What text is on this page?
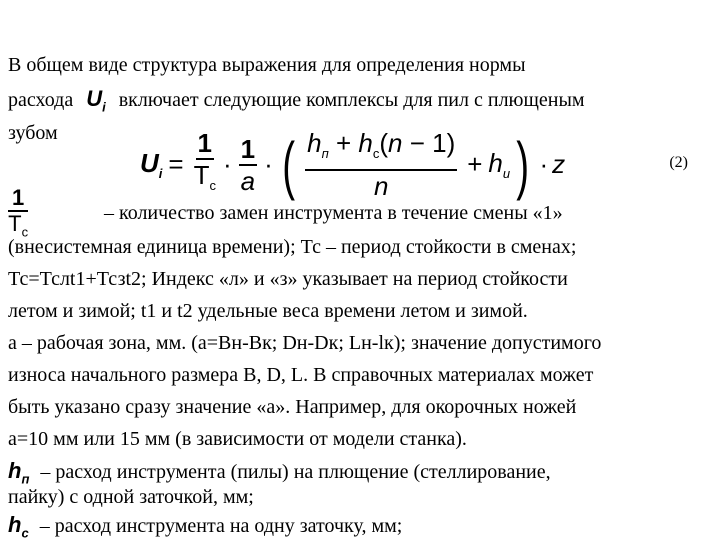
В общем виде структура выражения для определения нормы
расхода $U_i$ включает следующие комплексы для пил с плющеным
зубом
$U_i = \frac{1}{Т_с} \cdot \frac{1}{a}$ · ( $\frac{h_п + h_с(n - 1)}{n} + h_и$ ) · z	(2)
1
$Т_с$
– количество замен инструмента в течение смены «1»
(внесистемная единица времени); Тс – период стойкости в сменах;
Тс=Тслt1+Тсзt2; Индекс «л» и «з» указывает на период стойкости
летом и зимой; t1 и t2 удельные веса времени летом и зимой.
a – рабочая зона, мм. (a=Вн-Вк; Dн-Dк; Lн-lк); значение допустимого
износа начального размера В, D, L. В справочных материалах может
быть указано сразу значение «a». Например, для окорочных ножей
a=10 мм или 15 мм (в зависимости от модели станка).
$h_п$ – расход инструмента (пилы) на плющение (стеллирование,
пайку) с одной заточкой, мм;
$h_с$ – расход инструмента на одну заточку, мм;
